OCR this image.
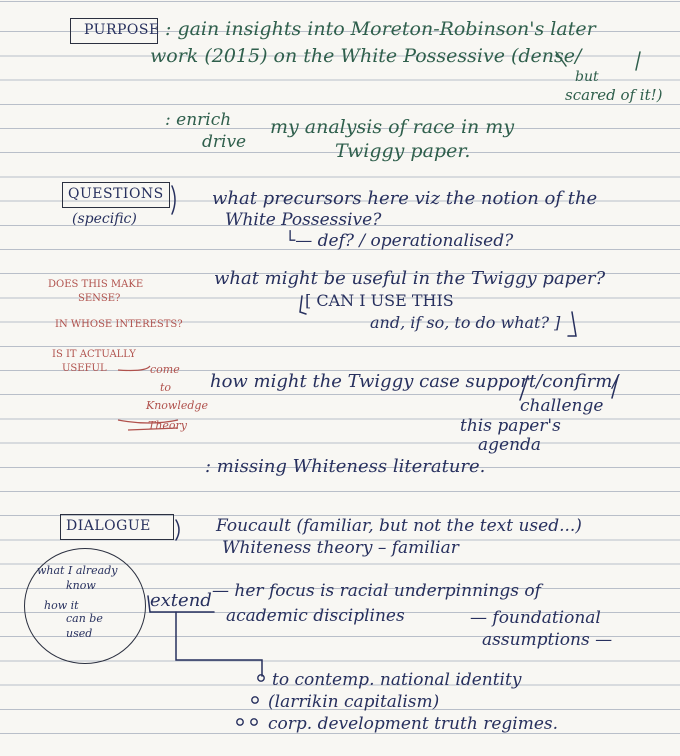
PURPOSE : gain insights into Moreton-Robinson's later
work (2015) on the White Possessive (dense/
but
scared of it!)
: enrich
drive
my analysis of race in my
Twiggy paper.
QUESTIONS
(specific)
what precursors here viz the notion of the
White Possessive?
└— def? / operationalised?
what might be useful in the Twiggy paper?
[ CAN I USE THIS
and, if so, to do what? ]
how might the Twiggy case support/confirm/
challenge
this paper's
agenda
: missing Whiteness literature.
DOES THIS MAKE
SENSE?
IN WHOSE INTERESTS?
IS IT ACTUALLY
USEFUL	come
to
Knowledge
Theory
DIALOGUE	Foucault (familiar, but not the text used...)
Whiteness theory – familiar
what I already
know
how it
can be
used
extend — her focus is racial underpinnings of
academic disciplines	— foundational
assumptions —
to contemp. national identity
(larrikin capitalism)
corp. development truth regimes.
